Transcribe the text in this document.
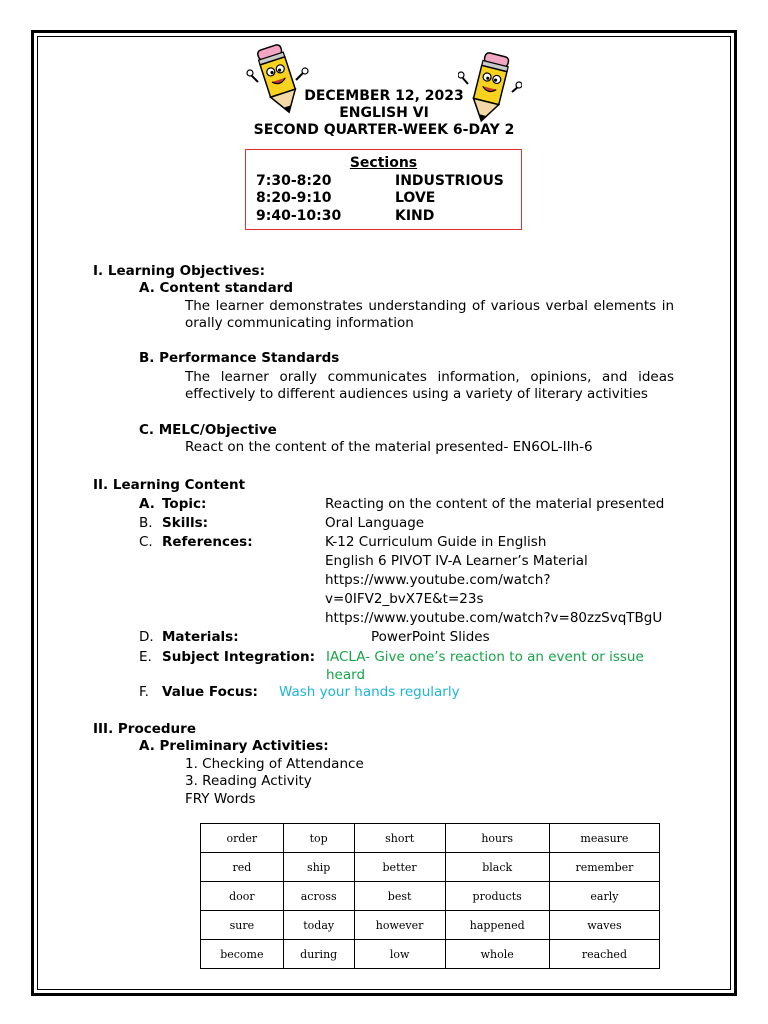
DECEMBER 12, 2023
ENGLISH VI
SECOND QUARTER-WEEK 6-DAY 2
Sections
7:30-8:20	INDUSTRIOUS
8:20-9:10	LOVE
9:40-10:30	KIND
I. Learning Objectives:
A. Content standard
The learner demonstrates understanding of various verbal elements in orally communicating information
B. Performance Standards
The learner orally communicates information, opinions, and ideas effectively to different audiences using a variety of literary activities
C. MELC/Objective
React on the content of the material presented- EN6OL-IIh-6
II. Learning Content
A. Topic:	Reacting on the content of the material presented
B. Skills:	Oral Language
C. References:	K-12 Curriculum Guide in English
English 6 PIVOT IV-A Learner’s Material
https://www.youtube.com/watch?
v=0IFV2_bvX7E&t=23s
https://www.youtube.com/watch?v=80zzSvqTBgU
D. Materials:	PowerPoint Slides
E. Subject Integration: IACLA- Give one’s reaction to an event or issue
heard
F. Value Focus: Wash your hands regularly
III. Procedure
A. Preliminary Activities:
1. Checking of Attendance
3. Reading Activity
FRY Words
order	top	short	hours	measure
red	ship	better	black	remember
door	across	best	products	early
sure	today	however	happened	waves
become	during	low	whole	reached
